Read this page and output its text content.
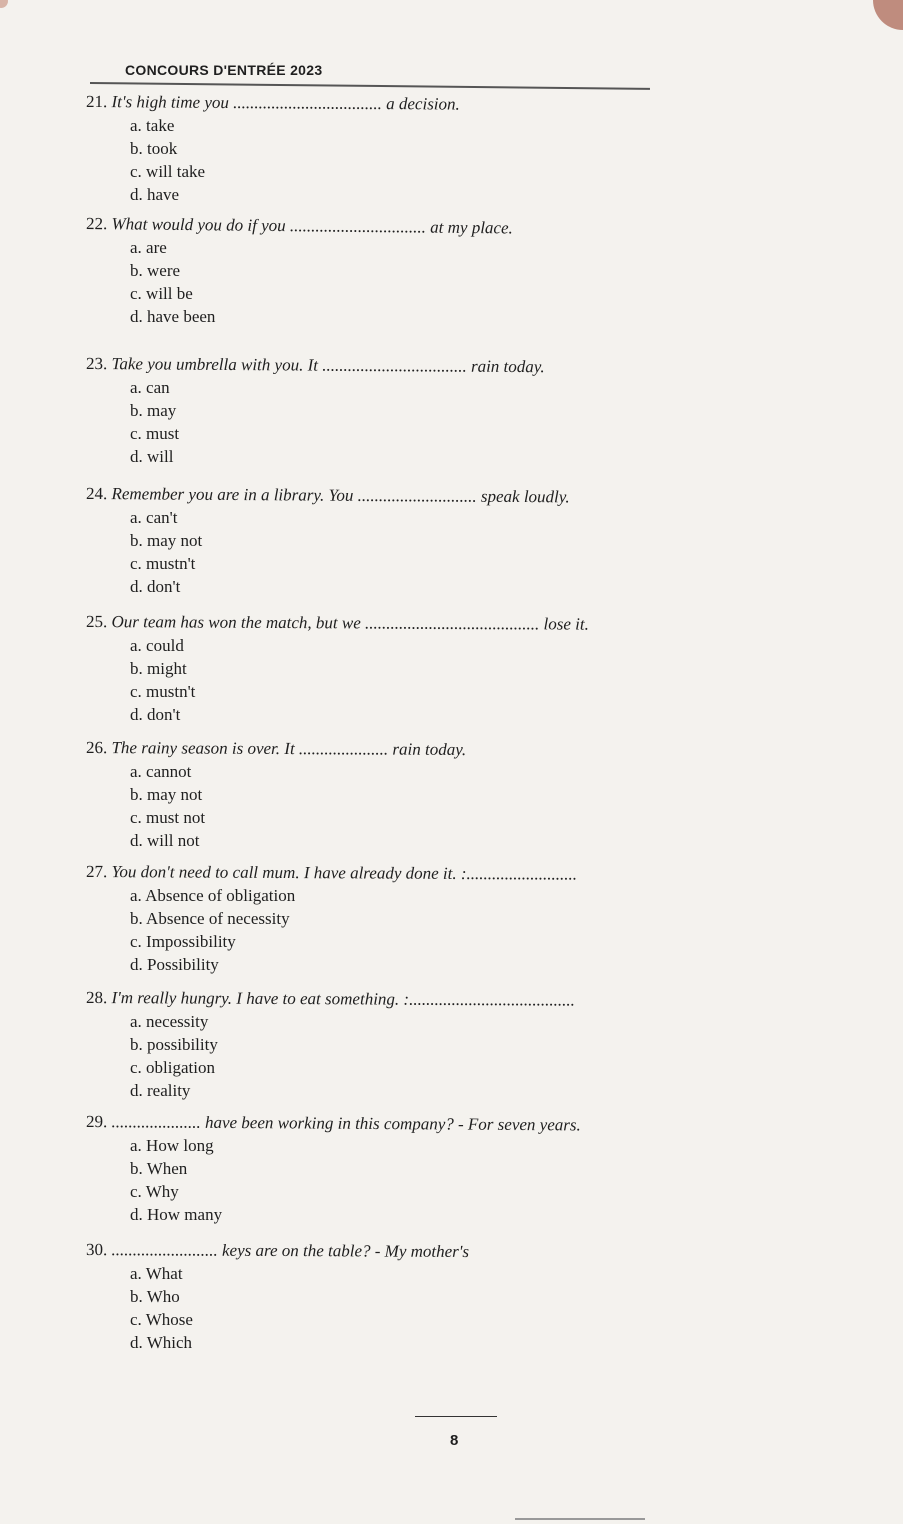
CONCOURS D'ENTRÉE 2023
21. It's high time you ................................... a decision.
a. take
b. took
c. will take
d. have
22. What would you do if you ................................ at my place.
a. are
b. were
c. will be
d. have been
23. Take you umbrella with you. It .................................. rain today.
a. can
b. may
c. must
d. will
24. Remember you are in a library. You ............................ speak loudly.
a. can't
b. may not
c. mustn't
d. don't
25. Our team has won the match, but we ......................................... lose it.
a. could
b. might
c. mustn't
d. don't
26. The rainy season is over. It ..................... rain today.
a. cannot
b. may not
c. must not
d. will not
27. You don't need to call mum. I have already done it. :..........................
a. Absence of obligation
b. Absence of necessity
c. Impossibility
d. Possibility
28. I'm really hungry. I have to eat something. :.......................................
a. necessity
b. possibility
c. obligation
d. reality
29. ..................... have been working in this company? - For seven years.
a. How long
b. When
c. Why
d. How many
30. ......................... keys are on the table? - My mother's
a. What
b. Who
c. Whose
d. Which
8
